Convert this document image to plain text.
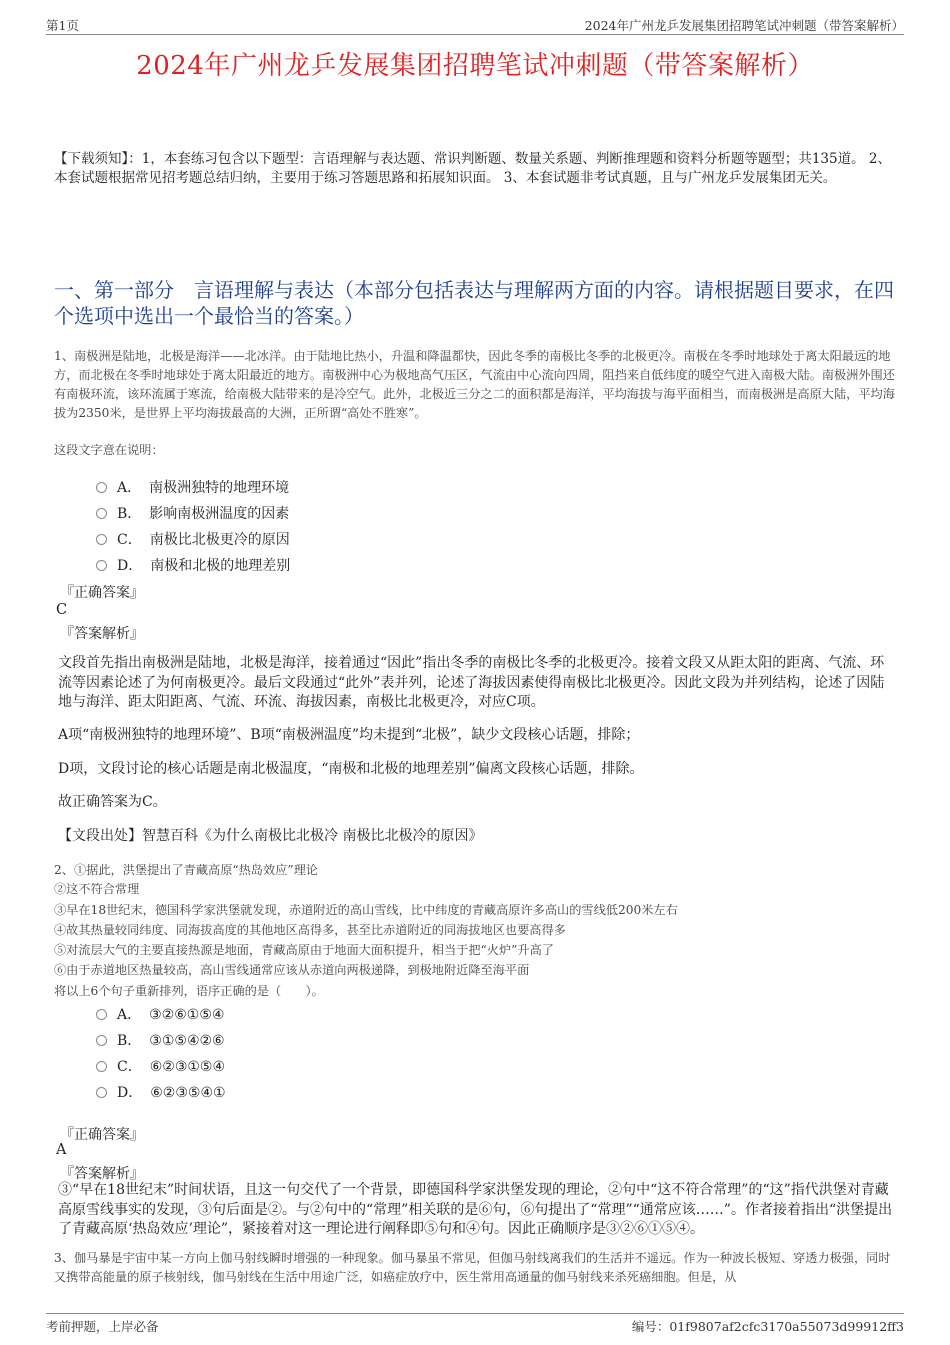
第1页	2024年广州龙乒发展集团招聘笔试冲刺题（带答案解析）
2024年广州龙乒发展集团招聘笔试冲刺题（带答案解析）
【下载须知】：1，本套练习包含以下题型：言语理解与表达题、常识判断题、数量关系题、判断推理题和资料分析题等题型；共135道。 2、本套试题根据常见招考题总结归纳，主要用于练习答题思路和拓展知识面。 3、本套试题非考试真题，且与广州龙乒发展集团无关。
一、第一部分　言语理解与表达（本部分包括表达与理解两方面的内容。请根据题目要求，在四个选项中选出一个最恰当的答案。）
1、南极洲是陆地，北极是海洋——北冰洋。由于陆地比热小，升温和降温都快，因此冬季的南极比冬季的北极更冷。南极在冬季时地球处于离太阳最远的地方，而北极在冬季时地球处于离太阳最近的地方。南极洲中心为极地高气压区，气流由中心流向四周，阻挡来自低纬度的暖空气进入南极大陆。南极洲外围还有南极环流，该环流属于寒流，给南极大陆带来的是冷空气。此外，北极近三分之二的面积都是海洋，平均海拔与海平面相当，而南极洲是高原大陆，平均海拔为2350米，是世界上平均海拔最高的大洲，正所谓“高处不胜寒”。
这段文字意在说明：
A． 南极洲独特的地理环境
B． 影响南极洲温度的因素
C． 南极比北极更冷的原因
D． 南极和北极的地理差别
『正确答案』
C
『答案解析』
文段首先指出南极洲是陆地，北极是海洋，接着通过“因此”指出冬季的南极比冬季的北极更冷。接着文段又从距太阳的距离、气流、环流等因素论述了为何南极更冷。最后文段通过“此外”表并列，论述了海拔因素使得南极比北极更冷。因此文段为并列结构，论述了因陆地与海洋、距太阳距离、气流、环流、海拔因素，南极比北极更冷，对应C项。
A项“南极洲独特的地理环境”、B项“南极洲温度”均未提到“北极”，缺少文段核心话题，排除；
D项，文段讨论的核心话题是南北极温度，“南极和北极的地理差别”偏离文段核心话题，排除。
故正确答案为C。
【文段出处】智慧百科《为什么南极比北极冷 南极比北极冷的原因》
2、①据此，洪堡提出了青藏高原“热岛效应”理论
②这不符合常理
③早在18世纪末，德国科学家洪堡就发现，赤道附近的高山雪线，比中纬度的青藏高原许多高山的雪线低200米左右
④故其热量较同纬度、同海拔高度的其他地区高得多，甚至比赤道附近的同海拔地区也要高得多
⑤对流层大气的主要直接热源是地面，青藏高原由于地面大面积提升，相当于把“火炉”升高了
⑥由于赤道地区热量较高，高山雪线通常应该从赤道向两极递降，到极地附近降至海平面
将以上6个句子重新排列，语序正确的是（　　）。
A． ③②⑥①⑤④
B． ③①⑤④②⑥
C． ⑥②③①⑤④
D． ⑥②③⑤④①
『正确答案』
A
『答案解析』
③“早在18世纪末”时间状语，且这一句交代了一个背景，即德国科学家洪堡发现的理论，②句中“这不符合常理”的“这”指代洪堡对青藏高原雪线事实的发现，③句后面是②。与②句中的“常理”相关联的是⑥句，⑥句提出了“常理”“通常应该……”。作者接着指出“洪堡提出了青藏高原‘热岛效应’理论”，紧接着对这一理论进行阐释即⑤句和④句。因此正确顺序是③②⑥①⑤④。
3、伽马暴是宇宙中某一方向上伽马射线瞬时增强的一种现象。伽马暴虽不常见，但伽马射线离我们的生活并不遥远。作为一种波长极短、穿透力极强，同时又携带高能量的原子核射线，伽马射线在生活中用途广泛，如癌症放疗中，医生常用高通量的伽马射线来杀死癌细胞。但是，从
考前押题，上岸必备	编号：01f9807af2cfc3170a55073d99912ff3
